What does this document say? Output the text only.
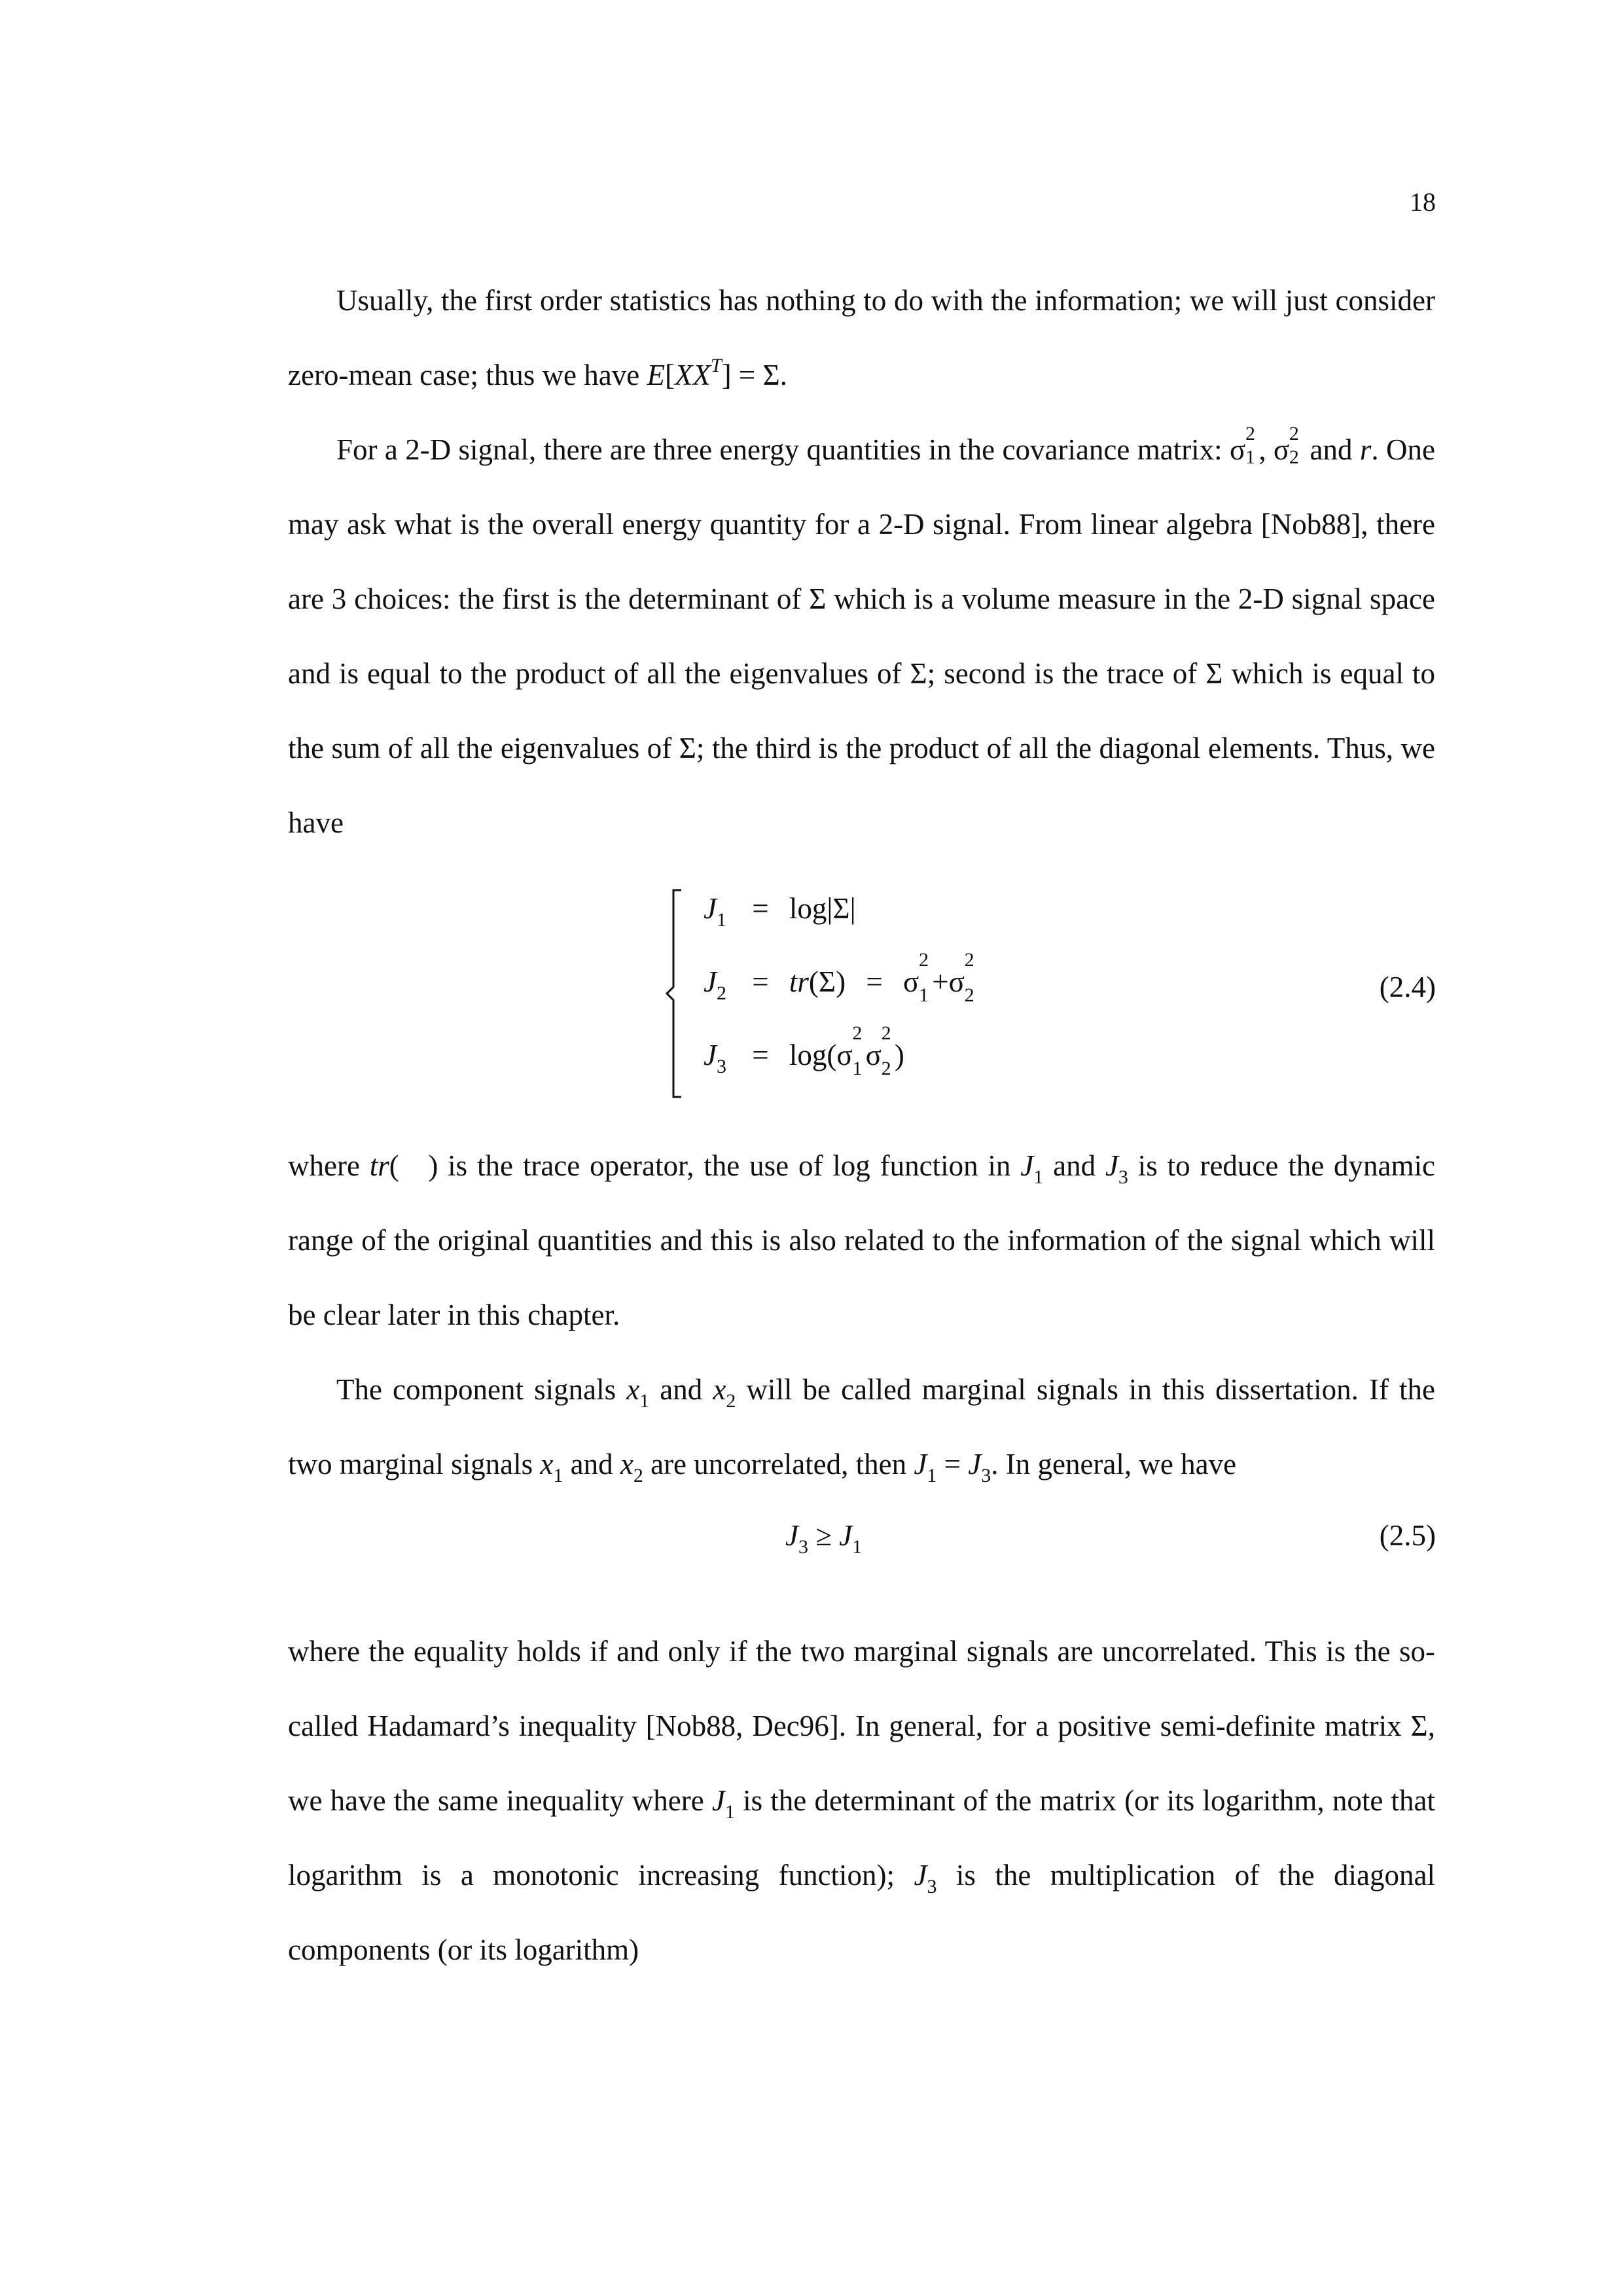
18
Usually, the first order statistics has nothing to do with the information; we will just consider zero-mean case; thus we have $E[XX^T] = \Sigma$.
For a 2-D signal, there are three energy quantities in the covariance matrix: σ 2
1 , σ 2
2 and r. One may ask what is the overall energy quantity for a 2-D signal. From linear algebra [Nob88], there are 3 choices: the first is the determinant of Σ which is a volume measure in the 2-D signal space and is equal to the product of all the eigenvalues of Σ; second is the trace of Σ which is equal to the sum of all the eigenvalues of Σ; the third is the product of all the diagonal elements. Thus, we have
$J_1 = \log|\Sigma|$
$J_2 = tr(\Sigma) = \sigma$
2
1 +σ
2
2
$J_3 = \log(\sigma$
2
1 σ
2
2 )
(2.4)
where tr(   ) is the trace operator, the use of log function in $J_1$ and $J_3$ is to reduce the dynamic range of the original quantities and this is also related to the information of the signal which will be clear later in this chapter.
The component signals $x_1$ and $x_2$ will be called marginal signals in this dissertation. If the two marginal signals $x_1$ and $x_2$ are uncorrelated, then $J_1 = J_3$. In general, we have
$J_3 \ge J_1$	(2.5)
where the equality holds if and only if the two marginal signals are uncorrelated. This is the so-called Hadamard’s inequality [Nob88, Dec96]. In general, for a positive semi-definite matrix Σ, we have the same inequality where $J_1$ is the determinant of the matrix (or its logarithm, note that logarithm is a monotonic increasing function); $J_3$ is the multiplication of the diagonal components (or its logarithm)
